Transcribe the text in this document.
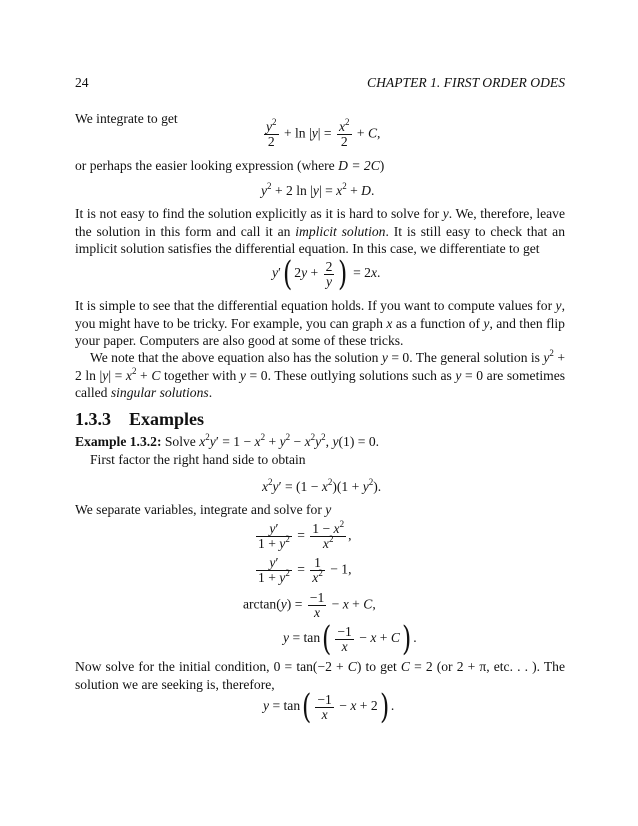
24	CHAPTER 1. FIRST ORDER ODES
We integrate to get
$\frac{y^2}{2} + \ln |y| = \frac{x^2}{2} + C$,
or perhaps the easier looking expression (where D = 2C)
$y^2 + 2$ $\ln |y| = x^2 + D$.
It is not easy to find the solution explicitly as it is hard to solve for y. We, therefore, leave the solution in this form and call it an implicit solution. It is still easy to check that an implicit solution satisfies the differential equation. In this case, we differentiate to get
y′( $2y + \frac{2}{y}$ ) = 2x.
It is simple to see that the differential equation holds. If you want to compute values for y, you might have to be tricky. For example, you can graph x as a function of y, and then flip your paper. Computers are also good at some of these tricks.
We note that the above equation also has the solution y = 0. The general solution is $y^2 + 2$ $\ln |y| = x^2 + C$ together with y = 0. These outlying solutions such as y = 0 are sometimes called singular solutions.
1.3.3 Examples
Example 1.3.2: Solve $x^2y' = 1 - x^2 + y^2 - x^2y^2$, y(1) = 0.
First factor the right hand side to obtain
$x^2y' = (1 - x^2)(1 + y^2)$.
We separate variables, integrate and solve for y
$\frac{y'}{1 + y^2} = \frac{1 - x^2}{x^2}$ ,
$\frac{y'}{1 + y^2} = \frac{1}{x^2} - 1$,
$\arctan(y) = \frac{-1}{x} - x + C$,
$y = \tan( \frac{-1}{x} - x + C)$ .
Now solve for the initial condition, 0 = tan(−2 + C) to get C = 2 (or 2 + π, etc. . . ). The solution we are seeking is, therefore,
$y = \tan( \frac{-1}{x} - x + 2)$ .
